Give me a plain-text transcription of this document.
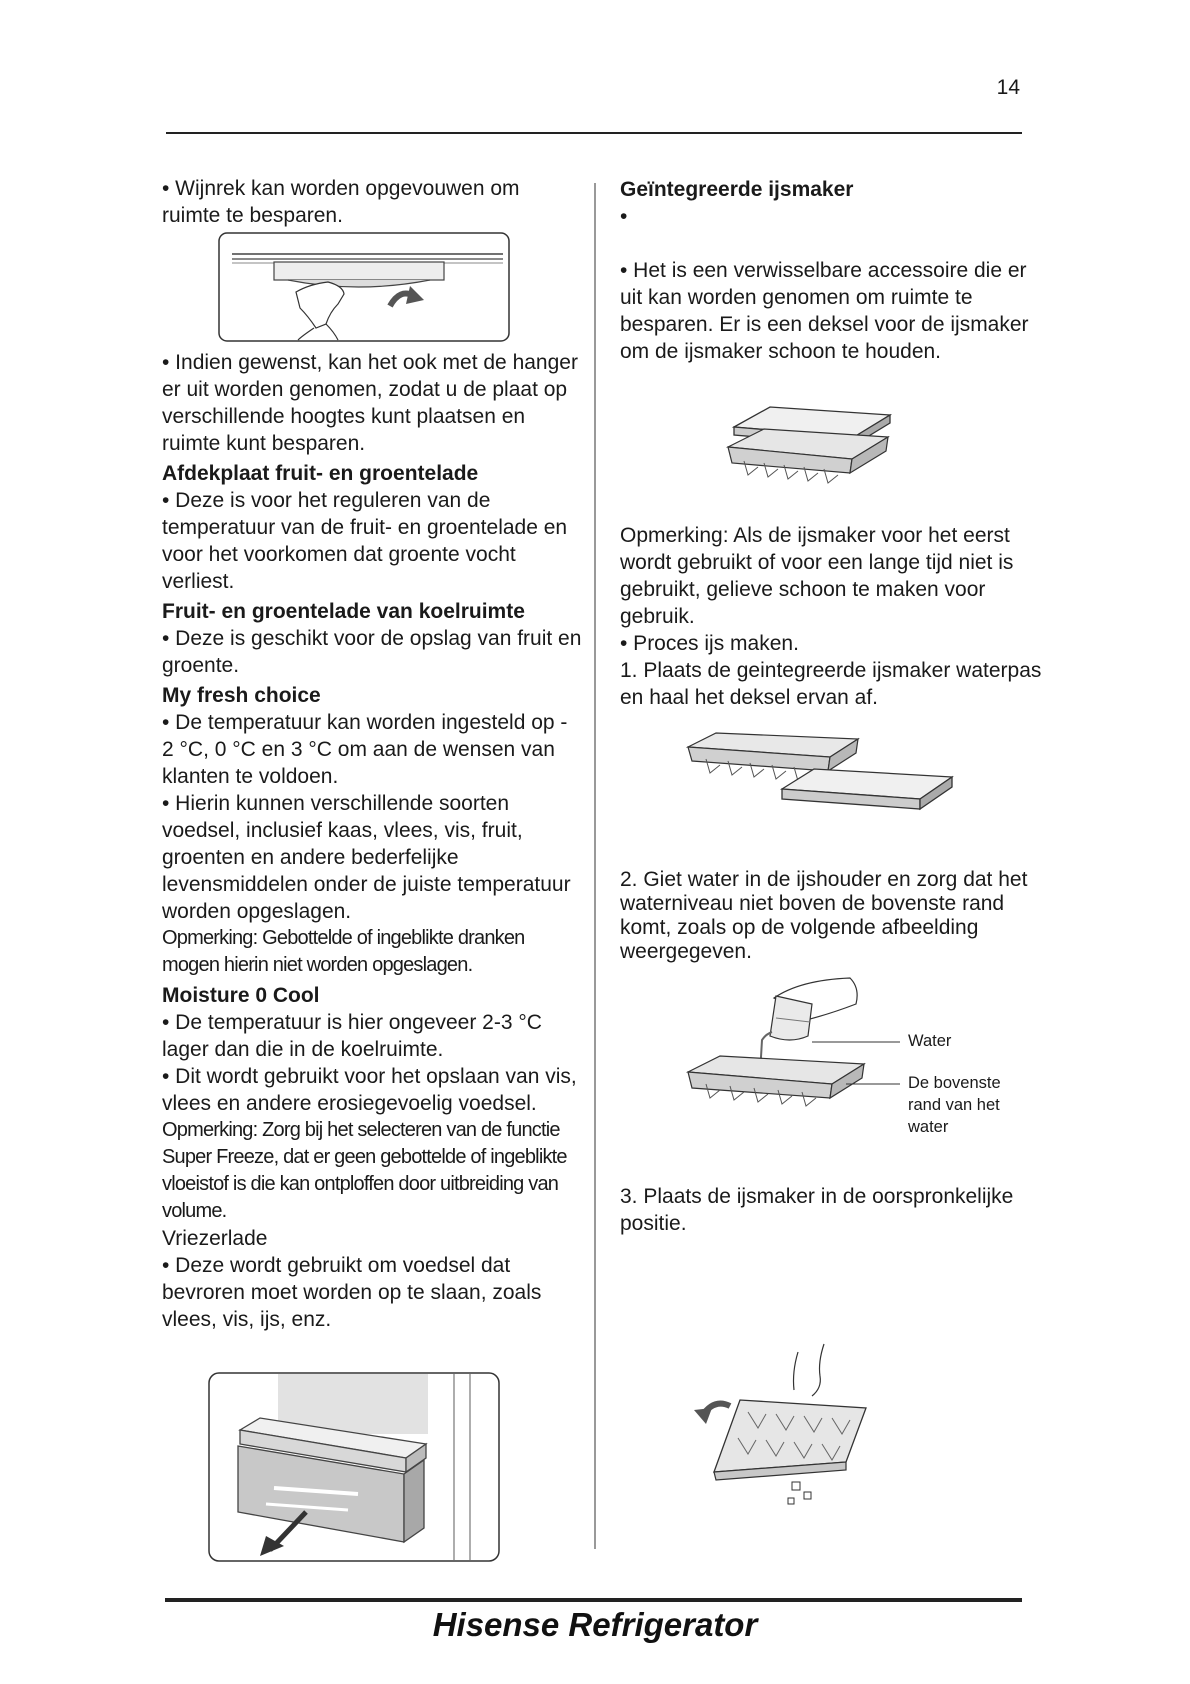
14

• Wijnrek kan worden opgevouwen om ruimte te besparen.

• Indien gewenst, kan het ook met de hanger er uit worden genomen, zodat u de plaat op verschillende hoogtes kunt plaatsen en ruimte kunt besparen.

Afdekplaat fruit- en groentelade

• Deze is voor het reguleren van de temperatuur van de fruit- en groentelade en voor het voorkomen dat groente vocht verliest.

Fruit- en groentelade van koelruimte

• Deze is geschikt voor de opslag van fruit en groente.

My fresh choice

• De temperatuur kan worden ingesteld op - 2 °C, 0 °C en 3 °C om aan de wensen van klanten te voldoen.

• Hierin kunnen verschillende soorten voedsel, inclusief kaas, vlees, vis, fruit, groenten en andere bederfelijke levensmiddelen onder de juiste temperatuur worden opgeslagen.

Opmerking: Gebottelde of ingeblikte dranken mogen hierin niet worden opgeslagen.

Moisture 0 Cool

• De temperatuur is hier ongeveer 2-3 °C lager dan die in de koelruimte.

• Dit wordt gebruikt voor het opslaan van vis, vlees en andere erosiegevoelig voedsel.

Opmerking: Zorg bij het selecteren van de functie Super Freeze, dat er geen gebottelde of ingeblikte vloeistof is die kan ontploffen door uitbreiding van volume.

Vriezerlade

• Deze wordt gebruikt om voedsel dat bevroren moet worden op te slaan, zoals vlees, vis, ijs, enz.

Geïntegreerde ijsmaker

•

• Het is een verwisselbare accessoire die er uit kan worden genomen om ruimte te besparen. Er is een deksel voor de ijsmaker om de ijsmaker schoon te houden.

Opmerking: Als de ijsmaker voor het eerst wordt gebruikt of voor een lange tijd niet is gebruikt, gelieve schoon te maken voor gebruik.

• Proces ijs maken.

1. Plaats de geintegreerde ijsmaker waterpas en haal het deksel ervan af.

2. Giet water in de ijshouder en zorg dat het waterniveau niet boven de bovenste rand komt, zoals op de volgende afbeelding weergegeven.

Water
De bovenste rand van het water

3. Plaats de ijsmaker in de oorspronkelijke positie.

Hisense Refrigerator
